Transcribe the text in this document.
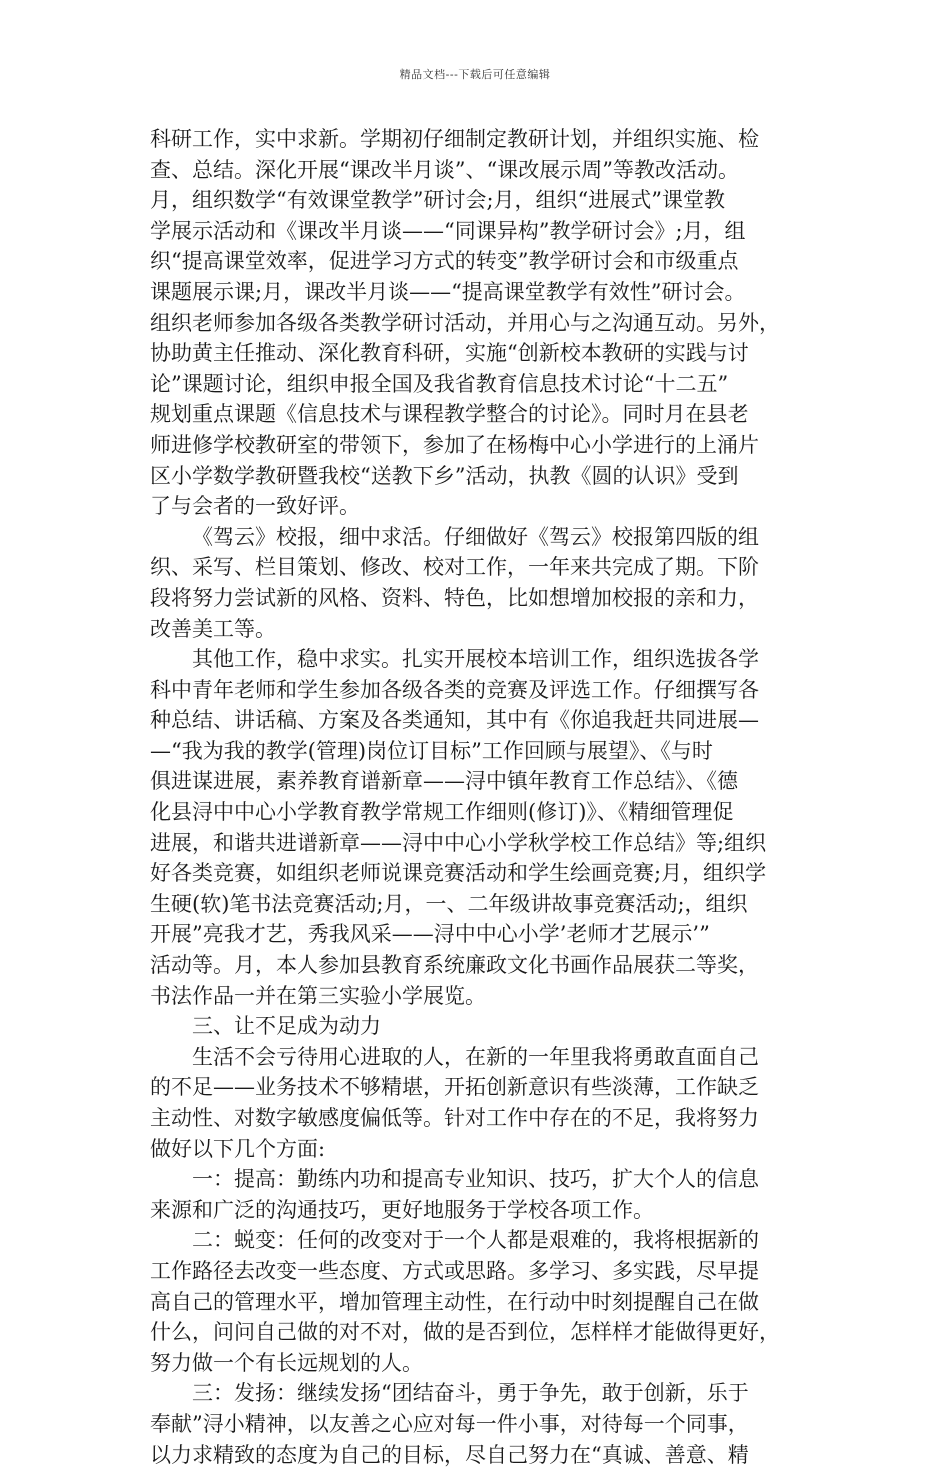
精品文档---下载后可任意编辑
科研工作，实中求新。学期初仔细制定教研计划，并组织实施、检
查、总结。深化开展“课改半月谈”、“课改展示周”等教改活动。
月，组织数学“有效课堂教学”研讨会;月，组织“进展式”课堂教
学展示活动和《课改半月谈——“同课异构”教学研讨会》;月，组
织“提高课堂效率，促进学习方式的转变”教学研讨会和市级重点
课题展示课;月，课改半月谈——“提高课堂教学有效性”研讨会。
组织老师参加各级各类教学研讨活动，并用心与之沟通互动。另外，
协助黄主任推动、深化教育科研，实施“创新校本教研的实践与讨
论”课题讨论，组织申报全国及我省教育信息技术讨论“十二五”
规划重点课题《信息技术与课程教学整合的讨论》。同时月在县老
师进修学校教研室的带领下，参加了在杨梅中心小学进行的上涌片
区小学数学教研暨我校“送教下乡”活动，执教《圆的认识》受到
了与会者的一致好评。
《驾云》校报，细中求活。仔细做好《驾云》校报第四版的组
织、采写、栏目策划、修改、校对工作，一年来共完成了期。下阶
段将努力尝试新的风格、资料、特色，比如想增加校报的亲和力，
改善美工等。
其他工作，稳中求实。扎实开展校本培训工作，组织选拔各学
科中青年老师和学生参加各级各类的竞赛及评选工作。仔细撰写各
种总结、讲话稿、方案及各类通知，其中有《你追我赶共同进展—
—“我为我的教学(管理)岗位订目标”工作回顾与展望》、《与时
俱进谋进展，素养教育谱新章——浔中镇年教育工作总结》、《德
化县浔中中心小学教育教学常规工作细则(修订)》、《精细管理促
进展，和谐共进谱新章——浔中中心小学秋学校工作总结》等;组织
好各类竞赛，如组织老师说课竞赛活动和学生绘画竞赛;月，组织学
生硬(软)笔书法竞赛活动;月，一、二年级讲故事竞赛活动;，组织
开展”亮我才艺，秀我风采——浔中中心小学’老师才艺展示’”
活动等。月，本人参加县教育系统廉政文化书画作品展获二等奖，
书法作品一并在第三实验小学展览。
三、让不足成为动力
生活不会亏待用心进取的人，在新的一年里我将勇敢直面自己
的不足——业务技术不够精堪，开拓创新意识有些淡薄，工作缺乏
主动性、对数字敏感度偏低等。针对工作中存在的不足，我将努力
做好以下几个方面:
一：提高：勤练内功和提高专业知识、技巧，扩大个人的信息
来源和广泛的沟通技巧，更好地服务于学校各项工作。
二：蜕变：任何的改变对于一个人都是艰难的，我将根据新的
工作路径去改变一些态度、方式或思路。多学习、多实践，尽早提
高自己的管理水平，增加管理主动性，在行动中时刻提醒自己在做
什么，问问自己做的对不对，做的是否到位，怎样样才能做得更好，
努力做一个有长远规划的人。
三：发扬：继续发扬“团结奋斗，勇于争先，敢于创新，乐于
奉献”浔小精神，以友善之心应对每一件小事，对待每一个同事，
以力求精致的态度为自己的目标，尽自己努力在“真诚、善意、精
